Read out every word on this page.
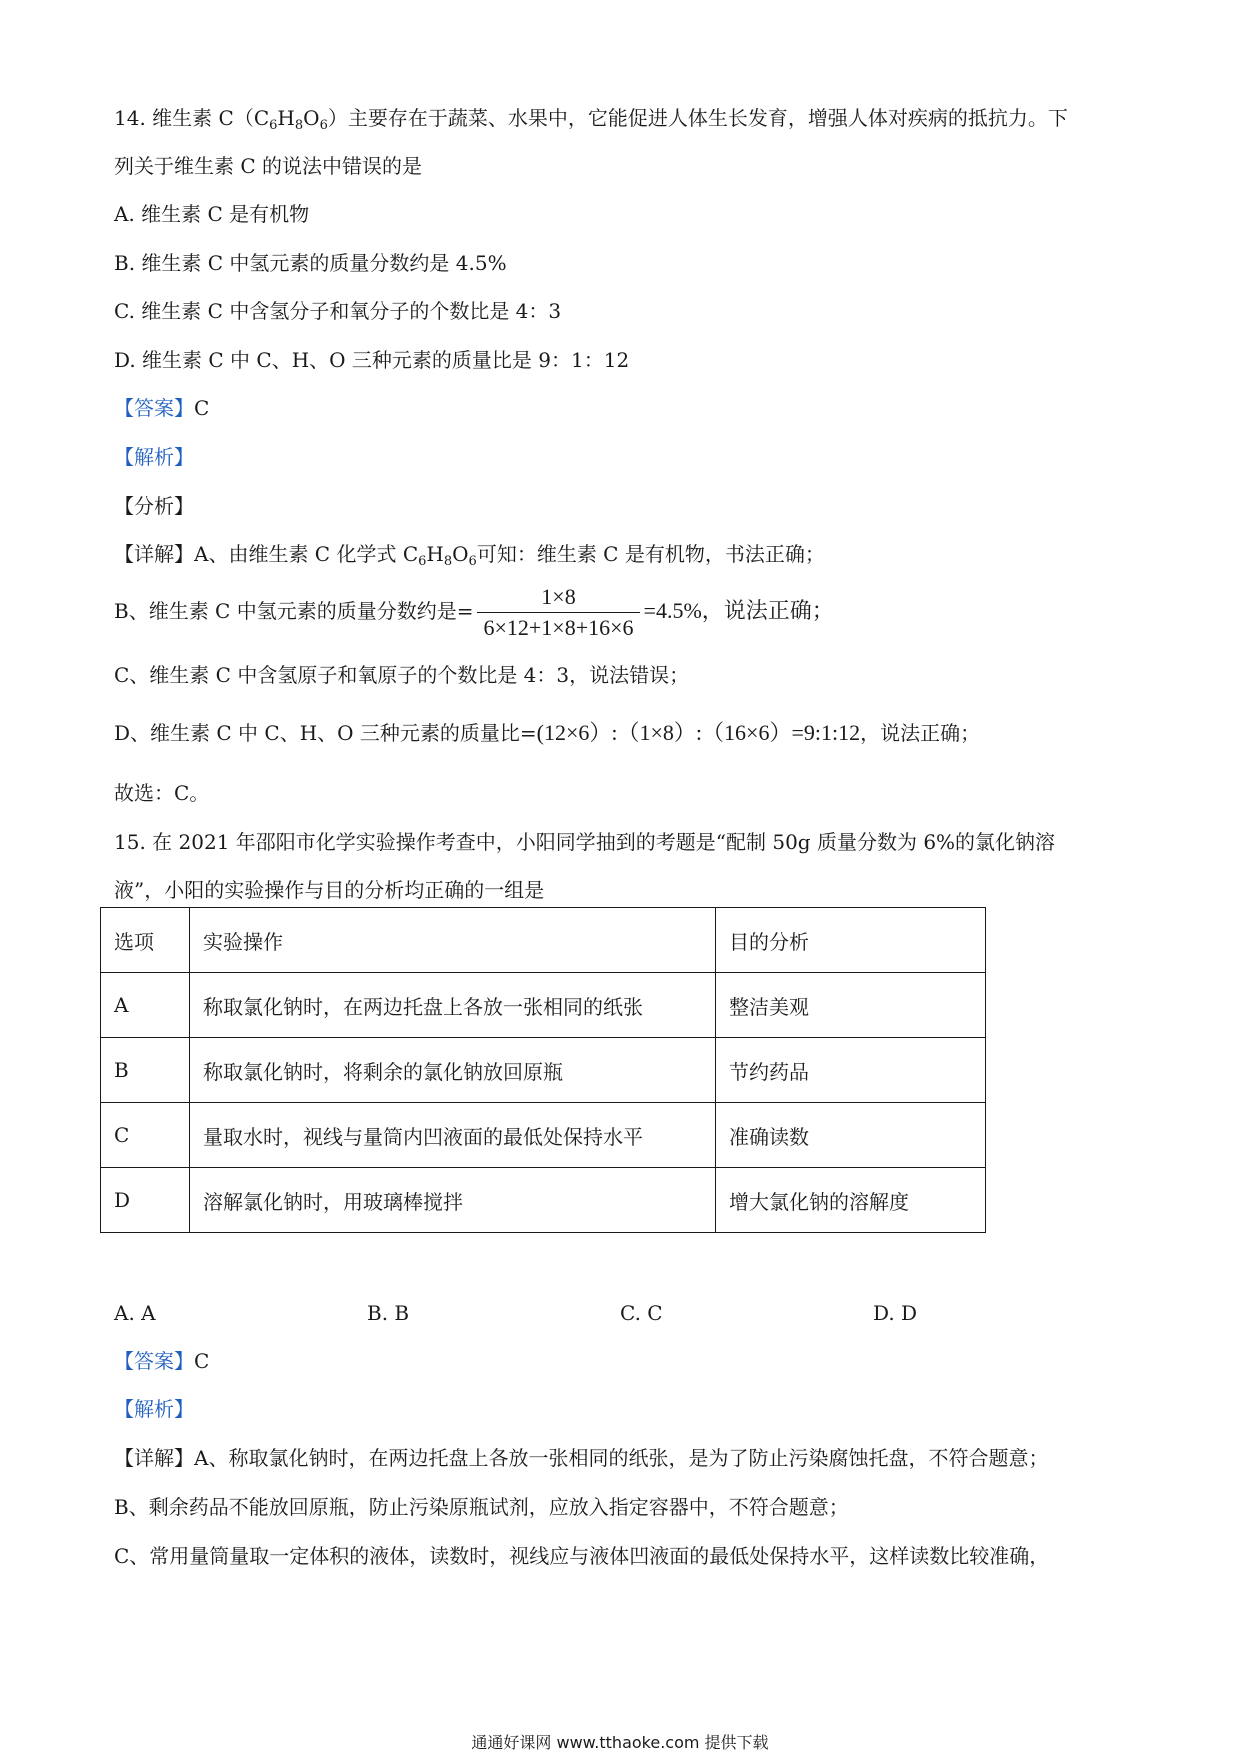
14. 维生素 $C(C_6H_8O_6)$主要存在于蔬菜、水果中，它能促进人体生长发育，增强人体对疾病的抵抗力。下
列关于维生素 C 的说法中错误的是
A. 维生素 C 是有机物
B. 维生素 C 中氢元素的质量分数约是 4.5%
C. 维生素 C 中含氢分子和氧分子的个数比是 4：3
D. 维生素 C 中 C、H、O 三种元素的质量比是 9：1：12
【答案】C
【解析】
【分析】
【详解】A、由维生素 C 化学式 $C_6H_8O_6$可知：维生素 C 是有机物，书法正确；
B、维生素 C 中氢元素的质量分数约是= $\frac{1\times 8}{6\times 12+1\times 8+16\times 6} =4.5\%$，说法正确；
C、维生素 C 中含氢原子和氧原子的个数比是 4：3，说法错误；
D、维生素 C 中 C、H、O 三种元素的质量比=(12×6）:（1×8）:（16×6）=9:1:12，说法正确；
故选：C。
15. 在 2021 年邵阳市化学实验操作考查中，小阳同学抽到的考题是“配制 50g 质量分数为 6%的氯化钠溶
液”，小阳的实验操作与目的分析均正确的一组是
选项	实验操作	目的分析
A	称取氯化钠时，在两边托盘上各放一张相同的纸张	整洁美观
B	称取氯化钠时，将剩余的氯化钠放回原瓶	节约药品
C	量取水时，视线与量筒内凹液面的最低处保持水平	准确读数
D	溶解氯化钠时，用玻璃棒搅拌	增大氯化钠的溶解度
A. A	B. B	C. C	D. D
【答案】C
【解析】
【详解】A、称取氯化钠时，在两边托盘上各放一张相同的纸张，是为了防止污染腐蚀托盘，不符合题意；
B、剩余药品不能放回原瓶，防止污染原瓶试剂，应放入指定容器中，不符合题意；
C、常用量筒量取一定体积的液体，读数时，视线应与液体凹液面的最低处保持水平，这样读数比较准确，
通通好课网 www.tthaoke.com 提供下载
